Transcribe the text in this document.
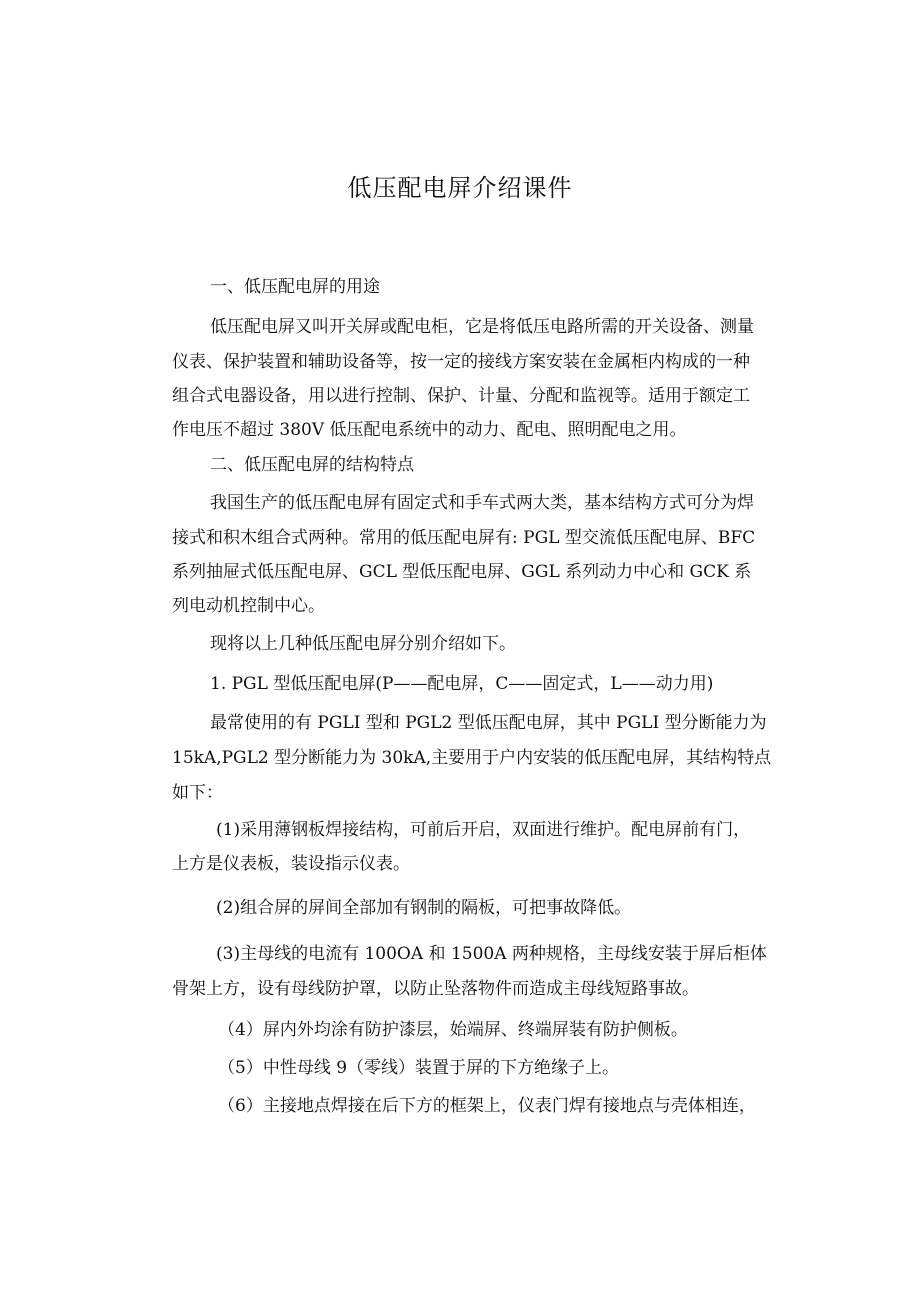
低压配电屏介绍课件

一、低压配电屏的用途

低压配电屏又叫开关屏或配电柜，它是将低压电路所需的开关设备、测量

仪表、保护装置和辅助设备等，按一定的接线方案安装在金属柜内构成的一种

组合式电器设备，用以进行控制、保护、计量、分配和监视等。适用于额定工

作电压不超过 380V 低压配电系统中的动力、配电、照明配电之用。

二、低压配电屏的结构特点

我国生产的低压配电屏有固定式和手车式两大类，基本结构方式可分为焊

接式和积木组合式两种。常用的低压配电屏有: PGL 型交流低压配电屏、BFC

系列抽屉式低压配电屏、GCL 型低压配电屏、GGL 系列动力中心和 GCK 系

列电动机控制中心。

现将以上几种低压配电屏分别介绍如下。

1. PGL 型低压配电屏(P——配电屏，C——固定式，L——动力用)

最常使用的有 PGLI 型和 PGL2 型低压配电屏，其中 PGLI 型分断能力为

15kA,PGL2 型分断能力为 30kA,主要用于户内安装的低压配电屏，其结构特点

如下：

(1)采用薄钢板焊接结构，可前后开启，双面进行维护。配电屏前有门，

上方是仪表板，装设指示仪表。

(2)组合屏的屏间全部加有钢制的隔板，可把事故降低。

(3)主母线的电流有 100OA 和 1500A 两种规格，主母线安装于屏后柜体

骨架上方，设有母线防护罩，以防止坠落物件而造成主母线短路事故。

（4）屏内外均涂有防护漆层，始端屏、终端屏装有防护侧板。

（5）中性母线 9（零线）装置于屏的下方绝缘子上。

（6）主接地点焊接在后下方的框架上，仪表门焊有接地点与壳体相连，
